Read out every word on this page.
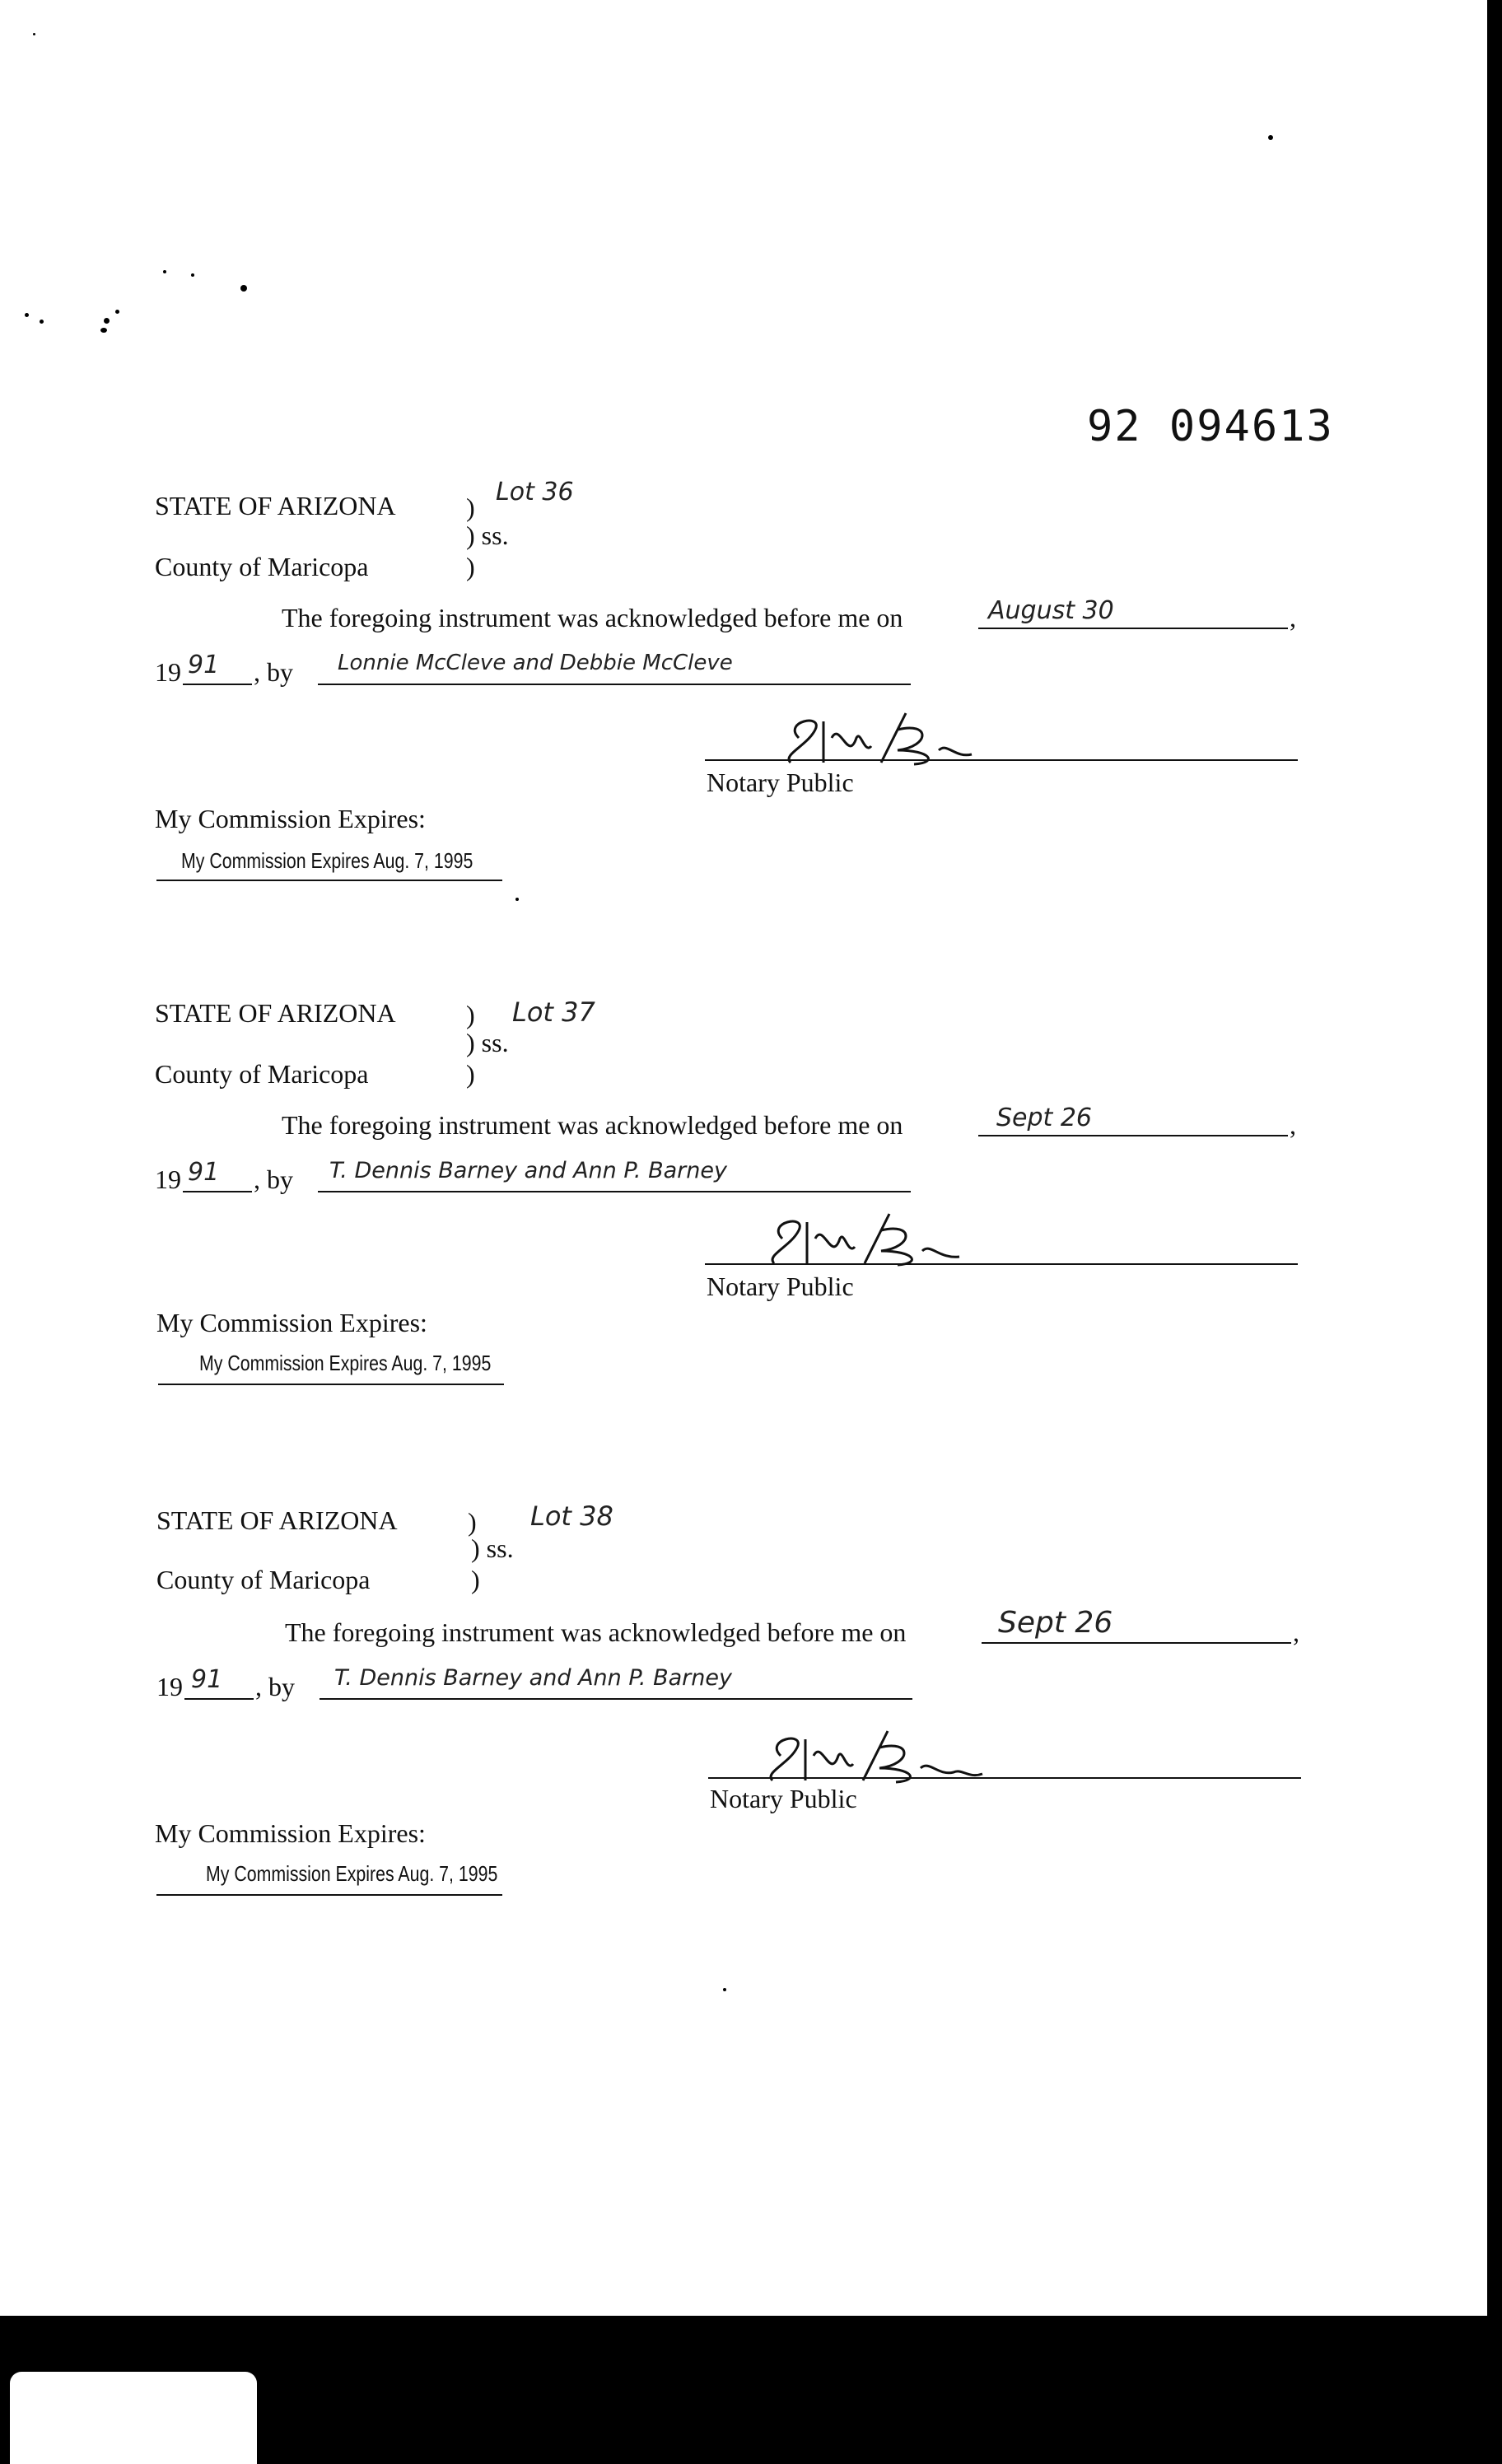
92 094613
STATE OF ARIZONA	)
Lot 36
) ss.
County of Maricopa	)
The foregoing instrument was acknowledged before me on	August 30	,
19 91 , by Lonnie McCleve and Debbie McCleve
Notary Public
My Commission Expires:
My Commission Expires Aug. 7, 1995
STATE OF ARIZONA	) Lot 37
) ss.
County of Maricopa	)
The foregoing instrument was acknowledged before me on	Sept 26	,
19 91 , by T. Dennis Barney and Ann P. Barney
Notary Public
My Commission Expires:
My Commission Expires Aug. 7, 1995
STATE OF ARIZONA	) Lot 38
) ss.
County of Maricopa	)
The foregoing instrument was acknowledged before me on	Sept 26	,
19 91 , by T. Dennis Barney and Ann P. Barney
Notary Public
My Commission Expires:
My Commission Expires Aug. 7, 1995
